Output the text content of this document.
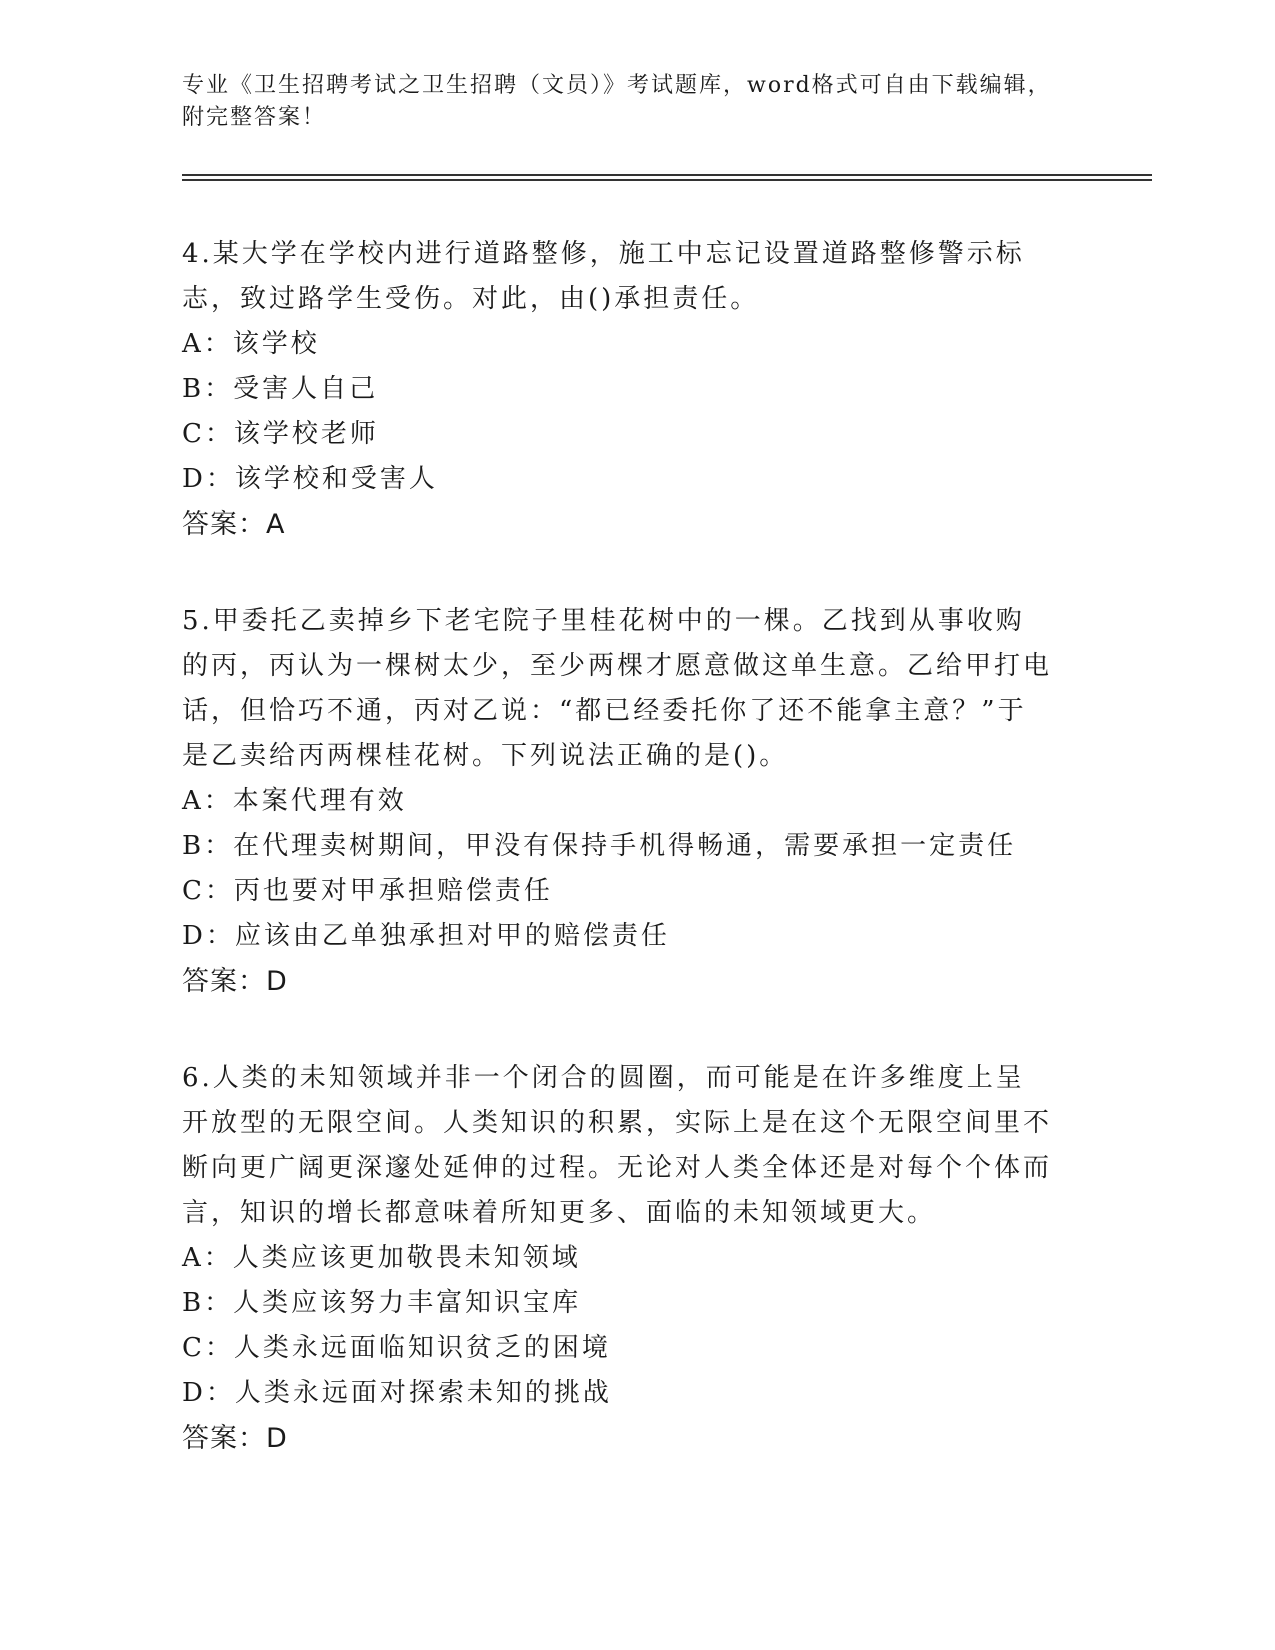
专业《卫生招聘考试之卫生招聘（文员）》考试题库，word格式可自由下载编辑，附完整答案！

4.某大学在学校内进行道路整修，施工中忘记设置道路整修警示标志，致过路学生受伤。对此，由()承担责任。

A：该学校

B：受害人自己

C：该学校老师

D：该学校和受害人

答案：A

5.甲委托乙卖掉乡下老宅院子里桂花树中的一棵。乙找到从事收购的丙，丙认为一棵树太少，至少两棵才愿意做这单生意。乙给甲打电话，但恰巧不通，丙对乙说：“都已经委托你了还不能拿主意？”于是乙卖给丙两棵桂花树。下列说法正确的是()。

A：本案代理有效

B：在代理卖树期间，甲没有保持手机得畅通，需要承担一定责任

C：丙也要对甲承担赔偿责任

D：应该由乙单独承担对甲的赔偿责任

答案：D

6.人类的未知领域并非一个闭合的圆圈，而可能是在许多维度上呈开放型的无限空间。人类知识的积累，实际上是在这个无限空间里不断向更广阔更深邃处延伸的过程。无论对人类全体还是对每个个体而言，知识的增长都意味着所知更多、面临的未知领域更大。

A：人类应该更加敬畏未知领域

B：人类应该努力丰富知识宝库

C：人类永远面临知识贫乏的困境

D：人类永远面对探索未知的挑战

答案：D
